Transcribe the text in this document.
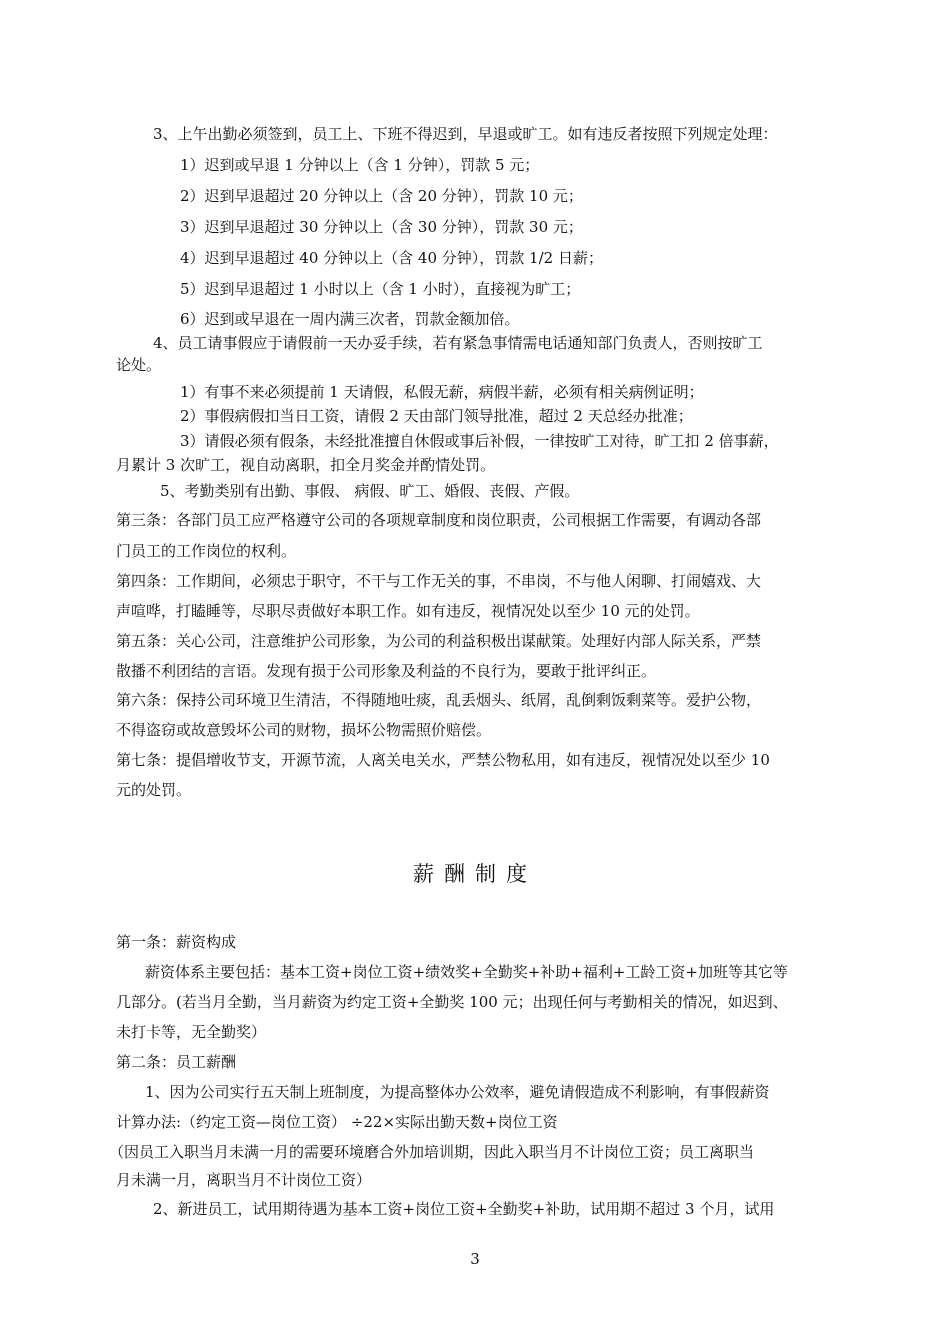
3、上午出勤必须签到，员工上、下班不得迟到，早退或旷工。如有违反者按照下列规定处理：
1）迟到或早退 1 分钟以上（含 1 分钟），罚款 5 元；
2）迟到早退超过 20 分钟以上（含 20 分钟），罚款 10 元；
3）迟到早退超过 30 分钟以上（含 30 分钟），罚款 30 元；
4）迟到早退超过 40 分钟以上（含 40 分钟），罚款 1/2 日薪；
5）迟到早退超过 1 小时以上（含 1 小时），直接视为旷工；
6）迟到或早退在一周内满三次者，罚款金额加倍。
4、员工请事假应于请假前一天办妥手续，若有紧急事情需电话通知部门负责人，否则按旷工
论处。
1）有事不来必须提前 1 天请假，私假无薪，病假半薪，必须有相关病例证明；
2）事假病假扣当日工资，请假 2 天由部门领导批准，超过 2 天总经办批准；
3）请假必须有假条，未经批准擅自休假或事后补假，一律按旷工对待，旷工扣 2 倍事薪，
月累计 3 次旷工，视自动离职，扣全月奖金并酌情处罚。
5、考勤类别有出勤、事假、 病假、旷工、婚假、丧假、产假。
第三条：各部门员工应严格遵守公司的各项规章制度和岗位职责，公司根据工作需要，有调动各部
门员工的工作岗位的权利。
第四条：工作期间，必须忠于职守，不干与工作无关的事，不串岗，不与他人闲聊、打闹嬉戏、大
声喧哗，打瞌睡等，尽职尽责做好本职工作。如有违反，视情况处以至少 10 元的处罚。
第五条：关心公司，注意维护公司形象，为公司的利益积极出谋献策。处理好内部人际关系，严禁
散播不利团结的言语。发现有损于公司形象及利益的不良行为，要敢于批评纠正。
第六条：保持公司环境卫生清洁，不得随地吐痰，乱丢烟头、纸屑，乱倒剩饭剩菜等。爱护公物，
不得盗窃或故意毁坏公司的财物，损坏公物需照价赔偿。
第七条：提倡增收节支，开源节流，人离关电关水，严禁公物私用，如有违反，视情况处以至少 10
元的处罚。
薪酬制度
第一条：薪资构成
薪资体系主要包括：基本工资+岗位工资+绩效奖+全勤奖+补助+福利+工龄工资+加班等其它等
几部分。(若当月全勤，当月薪资为约定工资+全勤奖 100 元；出现任何与考勤相关的情况，如迟到、
未打卡等，无全勤奖）
第二条：员工薪酬
1、因为公司实行五天制上班制度，为提高整体办公效率，避免请假造成不利影响，有事假薪资
计算办法:（约定工资—岗位工资） ÷22×实际出勤天数+岗位工资
（因员工入职当月未满一月的需要环境磨合外加培训期，因此入职当月不计岗位工资；员工离职当
月未满一月，离职当月不计岗位工资）
2、新进员工，试用期待遇为基本工资+岗位工资+全勤奖+补助，试用期不超过 3 个月，试用
3
